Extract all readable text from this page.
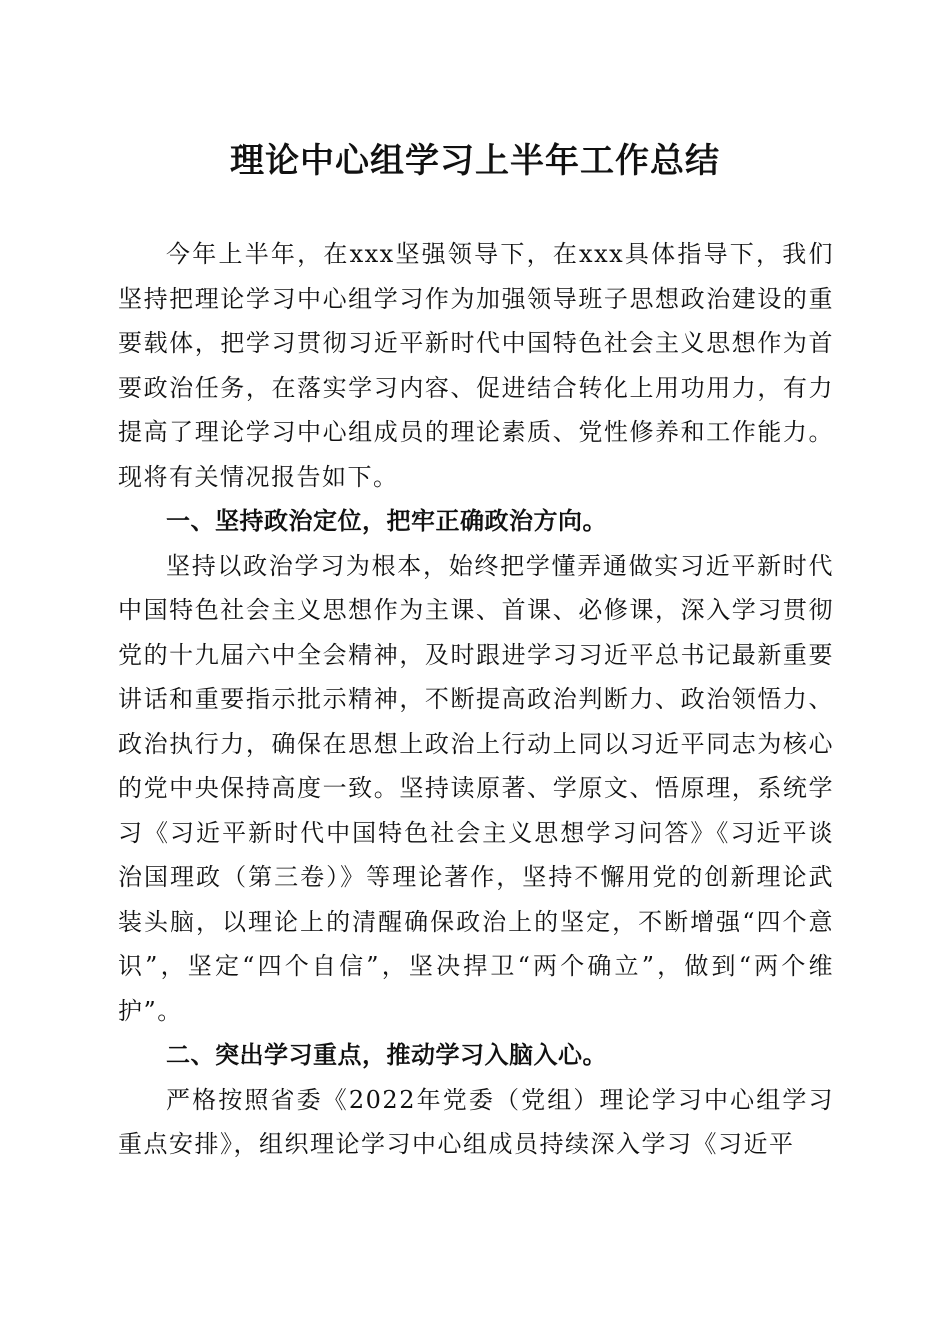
理论中心组学习上半年工作总结

今年上半年，在xxx坚强领导下，在xxx具体指导下，我们坚持把理论学习中心组学习作为加强领导班子思想政治建设的重要载体，把学习贯彻习近平新时代中国特色社会主义思想作为首要政治任务，在落实学习内容、促进结合转化上用功用力，有力提高了理论学习中心组成员的理论素质、党性修养和工作能力。现将有关情况报告如下。

一、坚持政治定位，把牢正确政治方向。

坚持以政治学习为根本，始终把学懂弄通做实习近平新时代中国特色社会主义思想作为主课、首课、必修课，深入学习贯彻党的十九届六中全会精神，及时跟进学习习近平总书记最新重要讲话和重要指示批示精神，不断提高政治判断力、政治领悟力、政治执行力，确保在思想上政治上行动上同以习近平同志为核心的党中央保持高度一致。坚持读原著、学原文、悟原理，系统学习《习近平新时代中国特色社会主义思想学习问答》《习近平谈治国理政（第三卷）》等理论著作，坚持不懈用党的创新理论武装头脑，以理论上的清醒确保政治上的坚定，不断增强“四个意识”，坚定“四个自信”，坚决捍卫“两个确立”，做到“两个维护”。

二、突出学习重点，推动学习入脑入心。

严格按照省委《2022年党委（党组）理论学习中心组学习重点安排》，组织理论学习中心组成员持续深入学习《习近平
